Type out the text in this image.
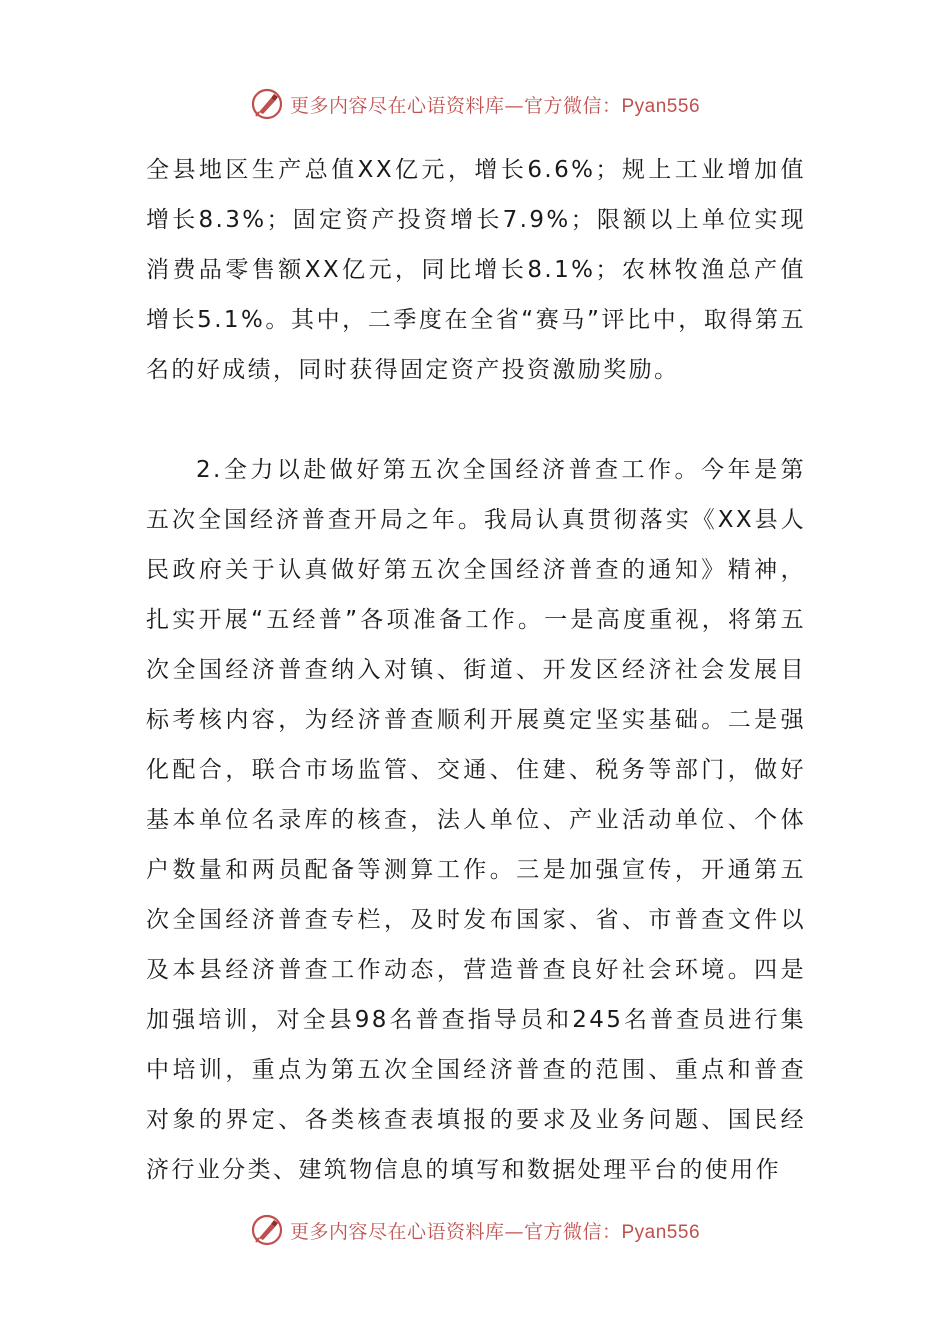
更多内容尽在心语资料库—官方微信：Pyan556

全县地区生产总值XX亿元，增长6.6%；规上工业增加值增长8.3%；固定资产投资增长7.9%；限额以上单位实现消费品零售额XX亿元，同比增长8.1%；农林牧渔总产值增长5.1%。其中，二季度在全省“赛马”评比中，取得第五名的好成绩，同时获得固定资产投资激励奖励。

2.全力以赴做好第五次全国经济普查工作。今年是第五次全国经济普查开局之年。我局认真贯彻落实《XX县人民政府关于认真做好第五次全国经济普查的通知》精神，扎实开展“五经普”各项准备工作。一是高度重视，将第五次全国经济普查纳入对镇、街道、开发区经济社会发展目标考核内容，为经济普查顺利开展奠定坚实基础。二是强化配合，联合市场监管、交通、住建、税务等部门，做好基本单位名录库的核查，法人单位、产业活动单位、个体户数量和两员配备等测算工作。三是加强宣传，开通第五次全国经济普查专栏，及时发布国家、省、市普查文件以及本县经济普查工作动态，营造普查良好社会环境。四是加强培训，对全县98名普查指导员和245名普查员进行集中培训，重点为第五次全国经济普查的范围、重点和普查对象的界定、各类核查表填报的要求及业务问题、国民经济行业分类、建筑物信息的填写和数据处理平台的使用作

更多内容尽在心语资料库—官方微信：Pyan556
